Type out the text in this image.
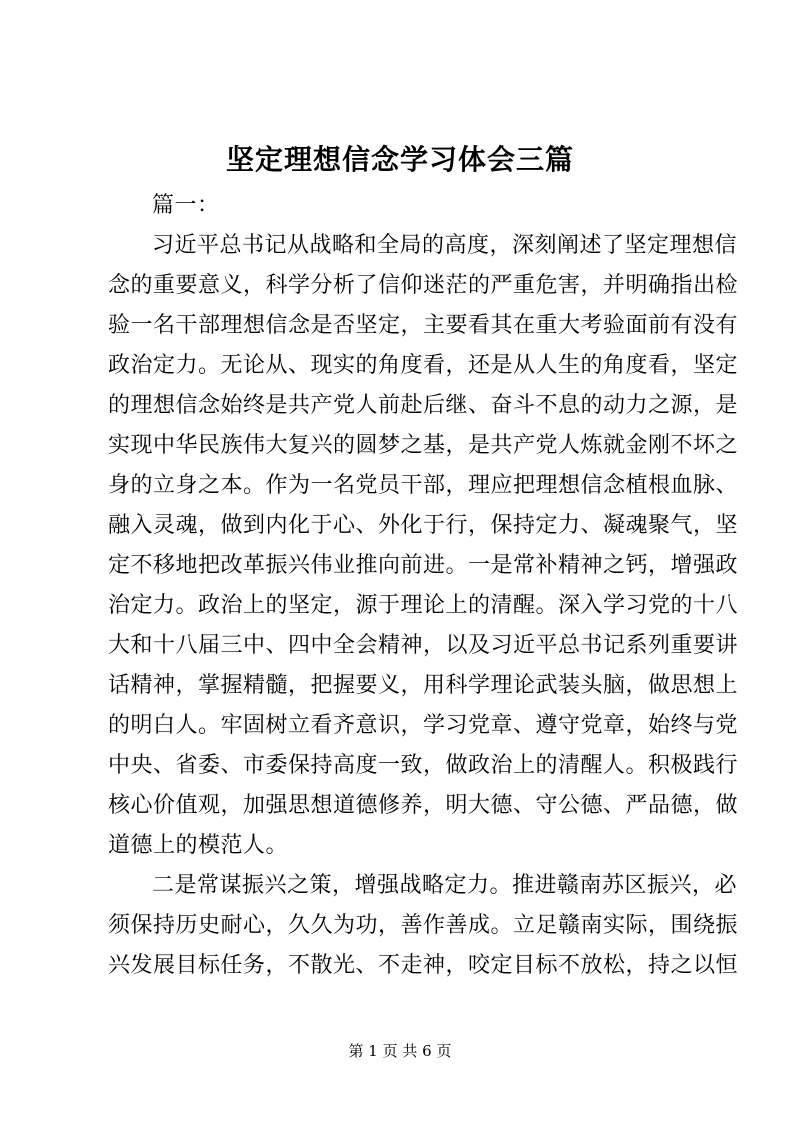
坚定理想信念学习体会三篇
篇一：
习近平总书记从战略和全局的高度，深刻阐述了坚定理想信
念的重要意义，科学分析了信仰迷茫的严重危害，并明确指出检
验一名干部理想信念是否坚定，主要看其在重大考验面前有没有
政治定力。无论从、现实的角度看，还是从人生的角度看，坚定
的理想信念始终是共产党人前赴后继、奋斗不息的动力之源，是
实现中华民族伟大复兴的圆梦之基，是共产党人炼就金刚不坏之
身的立身之本。作为一名党员干部，理应把理想信念植根血脉、
融入灵魂，做到内化于心、外化于行，保持定力、凝魂聚气，坚
定不移地把改革振兴伟业推向前进。一是常补精神之钙，增强政
治定力。政治上的坚定，源于理论上的清醒。深入学习党的十八
大和十八届三中、四中全会精神，以及习近平总书记系列重要讲
话精神，掌握精髓，把握要义，用科学理论武装头脑，做思想上
的明白人。牢固树立看齐意识，学习党章、遵守党章，始终与党
中央、省委、市委保持高度一致，做政治上的清醒人。积极践行
核心价值观，加强思想道德修养，明大德、守公德、严品德，做
道德上的模范人。
二是常谋振兴之策，增强战略定力。推进赣南苏区振兴，必
须保持历史耐心，久久为功，善作善成。立足赣南实际，围绕振
兴发展目标任务，不散光、不走神，咬定目标不放松，持之以恒
第 1 页 共 6 页
